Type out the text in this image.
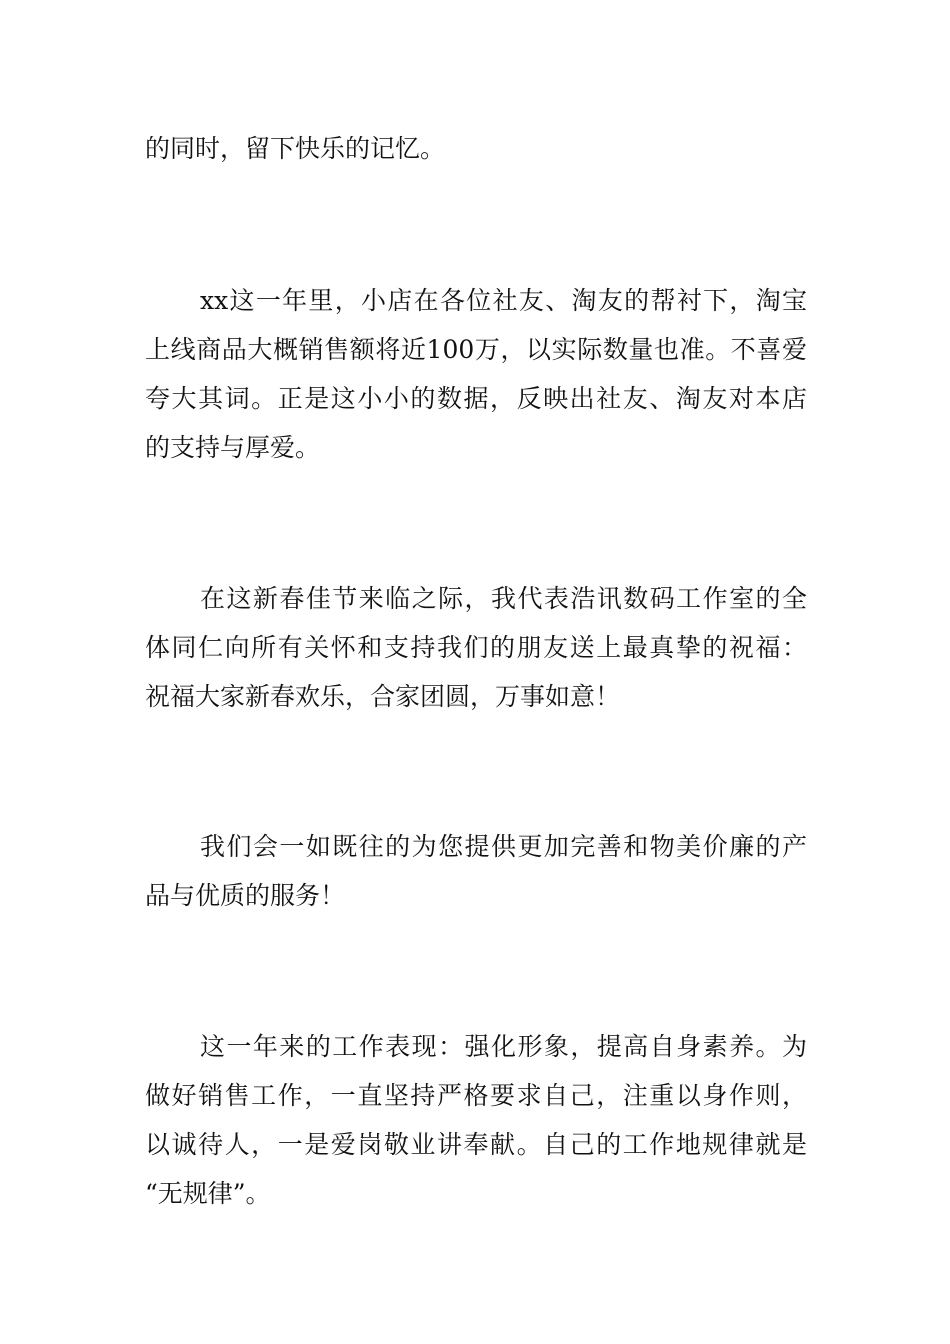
的同时，留下快乐的记忆。
xx这一年里，小店在各位社友、淘友的帮衬下，淘宝
上线商品大概销售额将近100万，以实际数量也准。不喜爱
夸大其词。正是这小小的数据，反映出社友、淘友对本店
的支持与厚爱。
在这新春佳节来临之际，我代表浩讯数码工作室的全
体同仁向所有关怀和支持我们的朋友送上最真挚的祝福：
祝福大家新春欢乐，合家团圆，万事如意！
我们会一如既往的为您提供更加完善和物美价廉的产
品与优质的服务！
这一年来的工作表现：强化形象，提高自身素养。为
做好销售工作，一直坚持严格要求自己，注重以身作则，
以诚待人，一是爱岗敬业讲奉献。自己的工作地规律就是
“无规律”。
